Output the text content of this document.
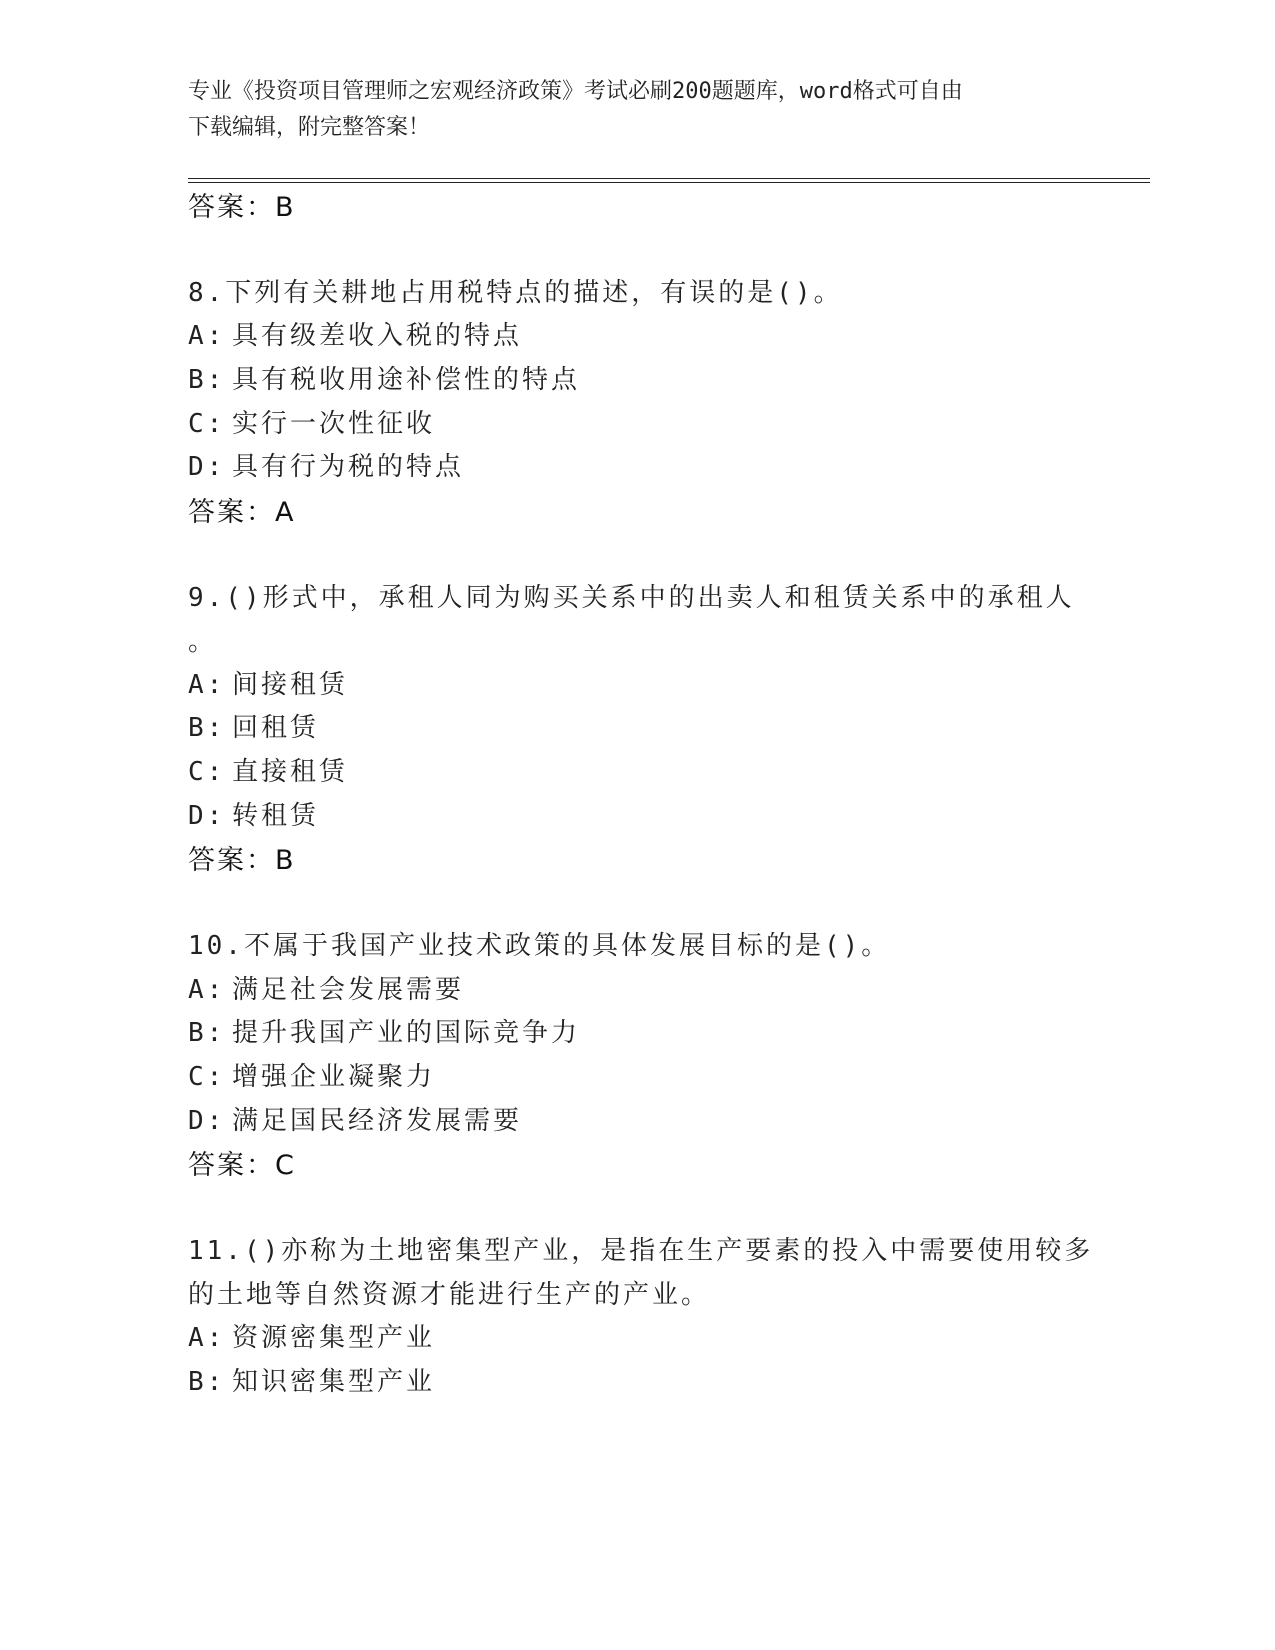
专业《投资项目管理师之宏观经济政策》考试必刷200题题库，word格式可自由
下载编辑，附完整答案！
答案：B
8.下列有关耕地占用税特点的描述，有误的是()。
A: 具有级差收入税的特点
B: 具有税收用途补偿性的特点
C: 实行一次性征收
D: 具有行为税的特点
答案：A
9.()形式中，承租人同为购买关系中的出卖人和租赁关系中的承租人
。
A: 间接租赁
B: 回租赁
C: 直接租赁
D: 转租赁
答案：B
10.不属于我国产业技术政策的具体发展目标的是()。
A: 满足社会发展需要
B: 提升我国产业的国际竞争力
C: 增强企业凝聚力
D: 满足国民经济发展需要
答案：C
11.()亦称为土地密集型产业，是指在生产要素的投入中需要使用较多
的土地等自然资源才能进行生产的产业。
A: 资源密集型产业
B: 知识密集型产业
